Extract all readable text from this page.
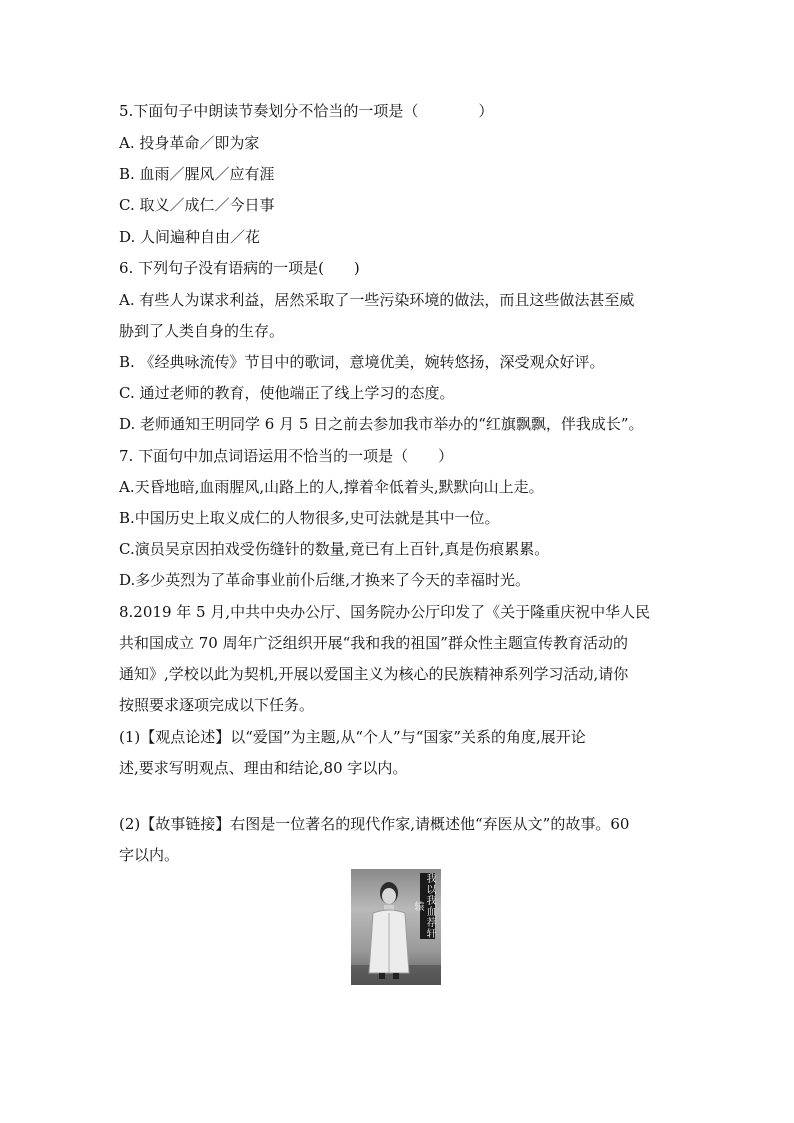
5.下面句子中朗读节奏划分不恰当的一项是（　　　　）
A. 投身革命／即为家
B. 血雨／腥风／应有涯
C. 取义／成仁／今日事
D. 人间遍种自由／花
6. 下列句子没有语病的一项是(　　)
A. 有些人为谋求利益，居然采取了一些污染环境的做法，而且这些做法甚至威
胁到了人类自身的生存。
B. 《经典咏流传》节目中的歌词，意境优美，婉转悠扬，深受观众好评。
C. 通过老师的教育，使他端正了线上学习的态度。
D. 老师通知王明同学 6 月 5 日之前去参加我市举办的“红旗飘飘，伴我成长”。
7. 下面句中加点词语运用不恰当的一项是（　　）
A.天昏地暗,血雨腥风,山路上的人,撑着伞低着头,默默向山上走。
B.中国历史上取义成仁的人物很多,史可法就是其中一位。
C.演员吴京因拍戏受伤缝针的数量,竟已有上百针,真是伤痕累累。
D.多少英烈为了革命事业前仆后继,才换来了今天的幸福时光。
8.2019 年 5 月,中共中央办公厅、国务院办公厅印发了《关于隆重庆祝中华人民
共和国成立 70 周年广泛组织开展“我和我的祖国”群众性主题宣传教育活动的
通知》,学校以此为契机,开展以爱国主义为核心的民族精神系列学习活动,请你
按照要求逐项完成以下任务。
(1)【观点论述】以“爱国”为主题,从“个人”与“国家”关系的角度,展开论
述,要求写明观点、理由和结论,80 字以内。
(2)【故事链接】右图是一位著名的现代作家,请概述他“弃医从文”的故事。60
字以内。
我以我血荐轩辕
